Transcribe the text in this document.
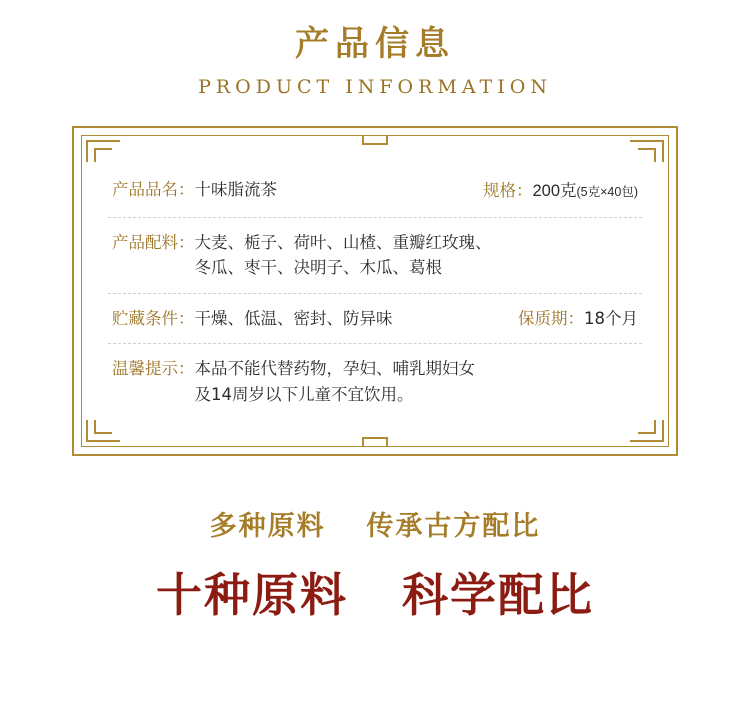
产品信息
PRODUCT INFORMATION
产品品名： 十味脂流茶	规格： 200克 (5克×40包)
产品配料： 大麦、栀子、荷叶、山楂、重瓣红玫瑰、
冬瓜、枣干、决明子、木瓜、葛根
贮藏条件： 干燥、低温、密封、防异味	保质期： 18个月
温馨提示： 本品不能代替药物，孕妇、哺乳期妇女
及14周岁以下儿童不宜饮用。
多种原料 传承古方配比
十种原料 科学配比
